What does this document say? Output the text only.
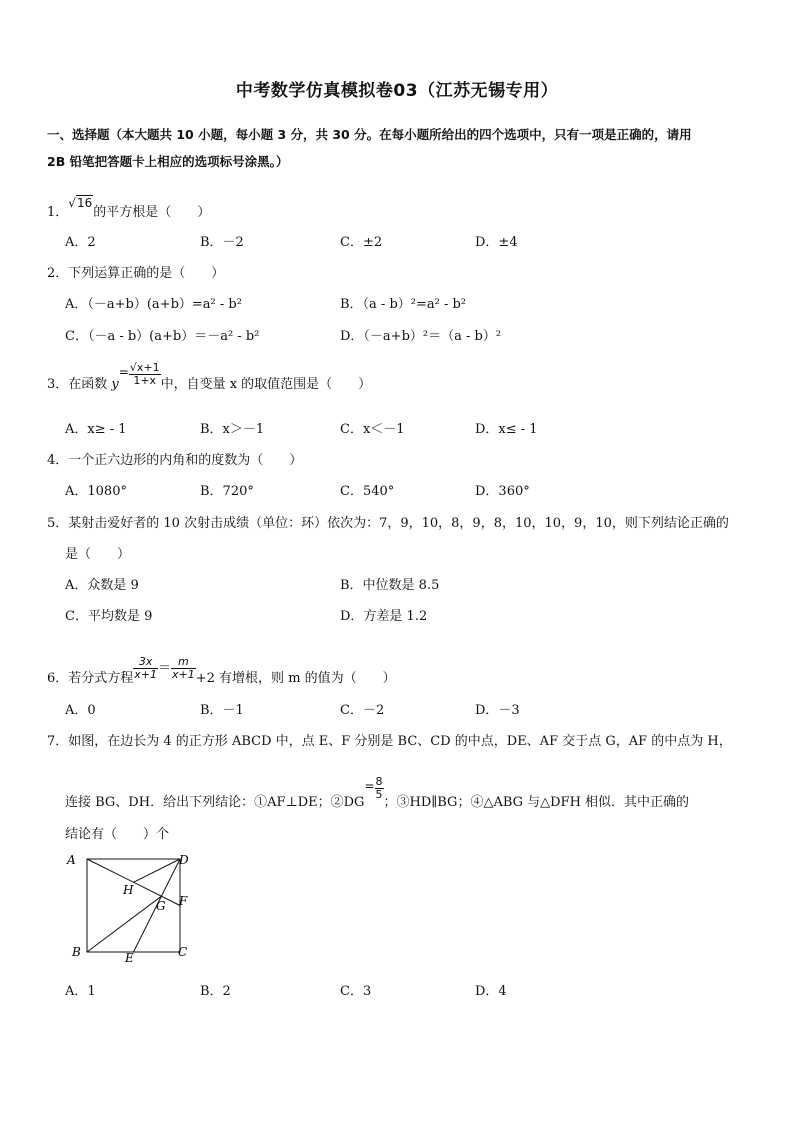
中考数学仿真模拟卷03（江苏无锡专用）
一、选择题（本大题共 10 小题，每小题 3 分，共 30 分。在每小题所给出的四个选项中，只有一项是正确的，请用
2B 铅笔把答题卡上相应的选项标号涂黑。）
1．√16的平方根是（　　）
A．2	B．－2	C．±2	D．±4
2．下列运算正确的是（　　）
A．（－a+b）(a+b）=a² - b²	B．（a - b）²=a² - b²
C．（－a - b）(a+b）＝－a² - b²	D．（－a+b）²＝（a - b）²
3．在函数 $y= \frac{√x+1}{1+x}$ 中，自变量 x 的取值范围是（　　）
A．x≥ - 1	B．x＞－1	C．x＜－1	D．x≤ - 1
4．一个正六边形的内角和的度数为（　　）
A．1080°	B．720°	C．540°	D．360°
5．某射击爱好者的 10 次射击成绩（单位：环）依次为：7，9，10，8，9，8，10，10，9，10，则下列结论正确的
是（　　）
A．众数是 9	B．中位数是 8.5
C．平均数是 9	D．方差是 1.2
6．若分式方程 $\frac{3x}{x+1} = \frac{m}{x+1} +2$ 有增根，则 m 的值为（　　）
A．0	B．－1	C．－2	D．－3
7．如图，在边长为 4 的正方形 ABCD 中，点 E、F 分别是 BC、CD 的中点，DE、AF 交于点 G，AF 的中点为 H，
连接 BG、DH．给出下列结论：①AF⊥DE；②DG= $\frac{8}{5}$
；③HD∥BG；④△ABG 与△DFH 相似．其中正确的
结论有（　　）个
A	D
H
G F
B	E	C
A．1	B．2	C．3	D．4
